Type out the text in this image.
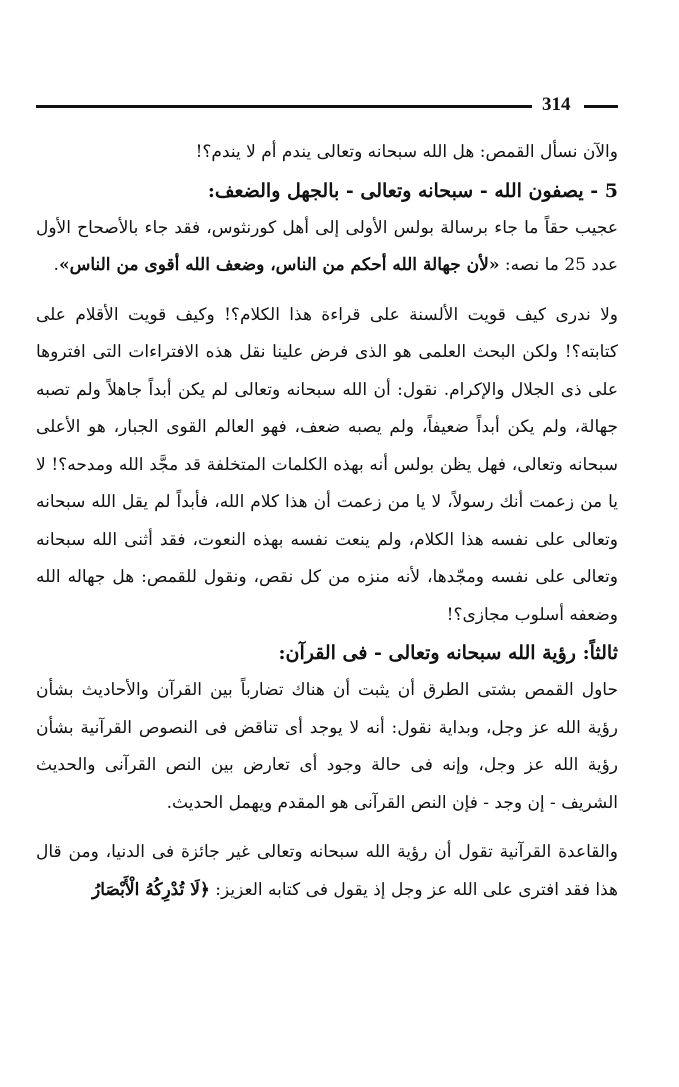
314

والآن نسأل القمص: هل الله سبحانه وتعالى يندم أم لا يندم؟!

5 - يصفون الله - سبحانه وتعالى - بالجهل والضعف:

عجيب حقاً ما جاء برسالة بولس الأولى إلى أهل كورنثوس، فقد جاء بالأصحاح الأول عدد 25 ما نصه: «لأن جهالة الله أحكم من الناس، وضعف الله أقوى من الناس».

ولا ندرى كيف قويت الألسنة على قراءة هذا الكلام؟! وكيف قويت الأقلام على كتابته؟! ولكن البحث العلمى هو الذى فرض علينا نقل هذه الافتراءات التى افتروها على ذى الجلال والإكرام. نقول: أن الله سبحانه وتعالى لم يكن أبداً جاهلاً ولم تصبه جهالة، ولم يكن أبداً ضعيفاً، ولم يصبه ضعف، فهو العالم القوى الجبار، هو الأعلى سبحانه وتعالى، فهل يظن بولس أنه بهذه الكلمات المتخلفة قد مجَّد الله ومدحه؟! لا يا من زعمت أنك رسولاً، لا يا من زعمت أن هذا كلام الله، فأبداً لم يقل الله سبحانه وتعالى على نفسه هذا الكلام، ولم ينعت نفسه بهذه النعوت، فقد أثنى الله سبحانه وتعالى على نفسه ومجّدها، لأنه منزه من كل نقص، ونقول للقمص: هل جهاله الله وضعفه أسلوب مجازى؟!

ثالثاً: رؤية الله سبحانه وتعالى - فى القرآن:

حاول القمص بشتى الطرق أن يثبت أن هناك تضارباً بين القرآن والأحاديث بشأن رؤية الله عز وجل، وبداية نقول: أنه لا يوجد أى تناقض فى النصوص القرآنية بشأن رؤية الله عز وجل، وإنه فى حالة وجود أى تعارض بين النص القرآنى والحديث الشريف - إن وجد - فإن النص القرآنى هو المقدم ويهمل الحديث.

والقاعدة القرآنية تقول أن رؤية الله سبحانه وتعالى غير جائزة فى الدنيا، ومن قال هذا فقد افترى على الله عز وجل إذ يقول فى كتابه العزيز: ﴿لَا تُدْرِكُهُ الْأَبْصَارُ
